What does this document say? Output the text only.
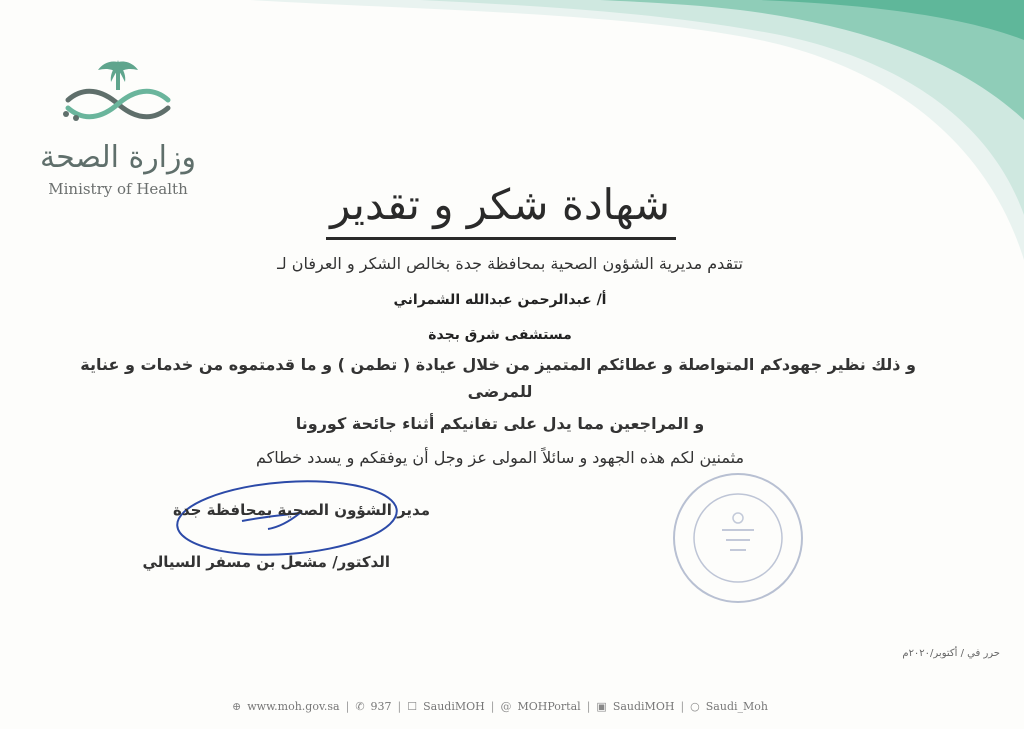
وزارة الصحة
Ministry of Health	شهادة شكر و تقدير
تتقدم مديرية الشؤون الصحية بمحافظة جدة بخالص الشكر و العرفان لـ
أ/ عبدالرحمن عبدالله الشمراني
مستشفى شرق بجدة
و ذلك نظير جهودكم المتواصلة و عطائكم المتميز من خلال عيادة ( تطمن ) و ما قدمتموه من خدمات و عناية
للمرضى
و المراجعين مما يدل على تفانيكم أثناء جائحة كورونا
مثمنين لكم هذه الجهود و سائلاً المولى عز وجل أن يوفقكم و يسدد خطاكم
مدير الشؤون الصحية بمحافظة جدة
الدكتور/ مشعل بن مسفر السيالي
حرر في / أكتوبر/٢٠٢٠م
⊕ www.moh.gov.sa | ✆ 937 | ☐ SaudiMOH | @ MOHPortal | ▣ SaudiMOH | ○ Saudi_Moh
